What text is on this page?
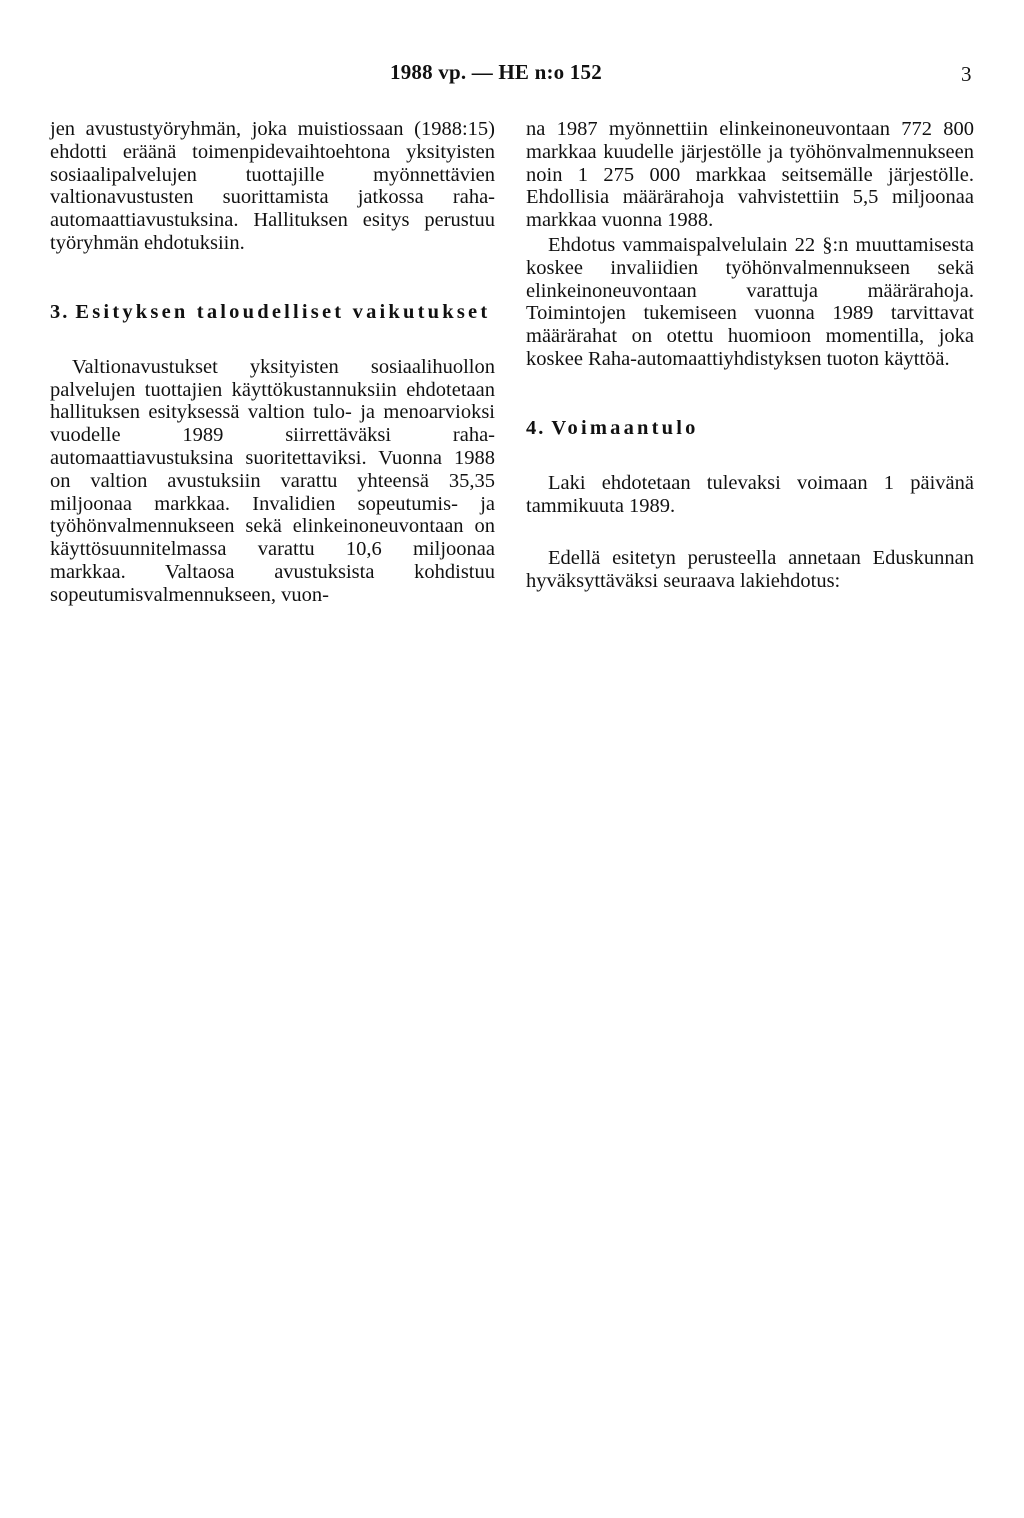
1988 vp. — HE n:o 152	3

jen avustustyöryhmän, joka muistiossaan (1988:15) ehdotti eräänä toimenpidevaihtoehtona yksityisten sosiaalipalvelujen tuottajille myönnettävien valtionavustusten suorittamista jatkossa raha-automaattiavustuksina. Hallituksen esitys perustuu työryhmän ehdotuksiin.

3. Esityksen taloudelliset vaikutukset

Valtionavustukset yksityisten sosiaalihuollon palvelujen tuottajien käyttökustannuksiin ehdotetaan hallituksen esityksessä valtion tulo- ja menoarvioksi vuodelle 1989 siirrettäväksi raha-automaattiavustuksina suoritettaviksi. Vuonna 1988 on valtion avustuksiin varattu yhteensä 35,35 miljoonaa markkaa. Invalidien sopeutumis- ja työhönvalmennukseen sekä elinkeinoneuvontaan on käyttösuunnitelmassa varattu 10,6 miljoonaa markkaa. Valtaosa avustuksista kohdistuu sopeutumisvalmennukseen, vuon-

na 1987 myönnettiin elinkeinoneuvontaan 772 800 markkaa kuudelle järjestölle ja työhönvalmennukseen noin 1 275 000 markkaa seitsemälle järjestölle. Ehdollisia määrärahoja vahvistettiin 5,5 miljoonaa markkaa vuonna 1988.

Ehdotus vammaispalvelulain 22 §:n muuttamisesta koskee invaliidien työhönvalmennukseen sekä elinkeinoneuvontaan varattuja määrärahoja. Toimintojen tukemiseen vuonna 1989 tarvittavat määrärahat on otettu huomioon momentilla, joka koskee Raha-automaattiyhdistyksen tuoton käyttöä.

4. Voimaantulo

Laki ehdotetaan tulevaksi voimaan 1 päivänä tammikuuta 1989.

Edellä esitetyn perusteella annetaan Eduskunnan hyväksyttäväksi seuraava lakiehdotus:
